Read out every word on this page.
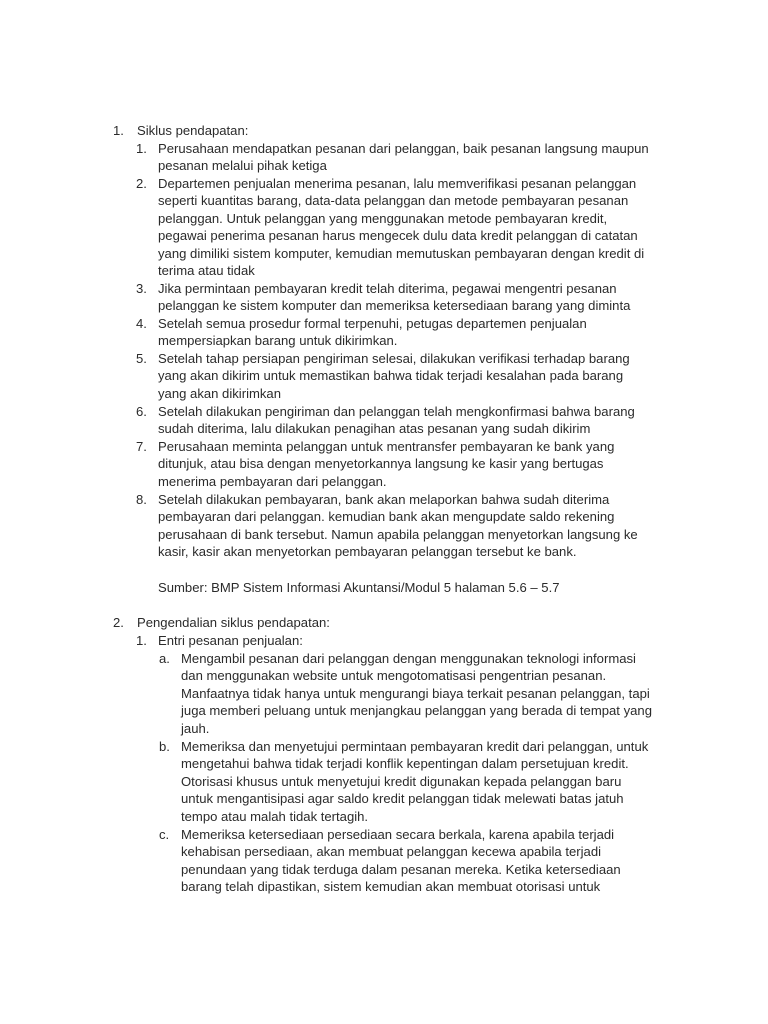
1. Siklus pendapatan:
1. Perusahaan mendapatkan pesanan dari pelanggan, baik pesanan langsung maupun
pesanan melalui pihak ketiga
2. Departemen penjualan menerima pesanan, lalu memverifikasi pesanan pelanggan
seperti kuantitas barang, data-data pelanggan dan metode pembayaran pesanan
pelanggan. Untuk pelanggan yang menggunakan metode pembayaran kredit,
pegawai penerima pesanan harus mengecek dulu data kredit pelanggan di catatan
yang dimiliki sistem komputer, kemudian memutuskan pembayaran dengan kredit di
terima atau tidak
3. Jika permintaan pembayaran kredit telah diterima, pegawai mengentri pesanan
pelanggan ke sistem komputer dan memeriksa ketersediaan barang yang diminta
4. Setelah semua prosedur formal terpenuhi, petugas departemen penjualan
mempersiapkan barang untuk dikirimkan.
5. Setelah tahap persiapan pengiriman selesai, dilakukan verifikasi terhadap barang
yang akan dikirim untuk memastikan bahwa tidak terjadi kesalahan pada barang
yang akan dikirimkan
6. Setelah dilakukan pengiriman dan pelanggan telah mengkonfirmasi bahwa barang
sudah diterima, lalu dilakukan penagihan atas pesanan yang sudah dikirim
7. Perusahaan meminta pelanggan untuk mentransfer pembayaran ke bank yang
ditunjuk, atau bisa dengan menyetorkannya langsung ke kasir yang bertugas
menerima pembayaran dari pelanggan.
8. Setelah dilakukan pembayaran, bank akan melaporkan bahwa sudah diterima
pembayaran dari pelanggan. kemudian bank akan mengupdate saldo rekening
perusahaan di bank tersebut. Namun apabila pelanggan menyetorkan langsung ke
kasir, kasir akan menyetorkan pembayaran pelanggan tersebut ke bank.
Sumber: BMP Sistem Informasi Akuntansi/Modul 5 halaman 5.6 – 5.7
2. Pengendalian siklus pendapatan:
1. Entri pesanan penjualan:
a. Mengambil pesanan dari pelanggan dengan menggunakan teknologi informasi
dan menggunakan website untuk mengotomatisasi pengentrian pesanan.
Manfaatnya tidak hanya untuk mengurangi biaya terkait pesanan pelanggan, tapi
juga memberi peluang untuk menjangkau pelanggan yang berada di tempat yang
jauh.
b. Memeriksa dan menyetujui permintaan pembayaran kredit dari pelanggan, untuk
mengetahui bahwa tidak terjadi konflik kepentingan dalam persetujuan kredit.
Otorisasi khusus untuk menyetujui kredit digunakan kepada pelanggan baru
untuk mengantisipasi agar saldo kredit pelanggan tidak melewati batas jatuh
tempo atau malah tidak tertagih.
c. Memeriksa ketersediaan persediaan secara berkala, karena apabila terjadi
kehabisan persediaan, akan membuat pelanggan kecewa apabila terjadi
penundaan yang tidak terduga dalam pesanan mereka. Ketika ketersediaan
barang telah dipastikan, sistem kemudian akan membuat otorisasi untuk
